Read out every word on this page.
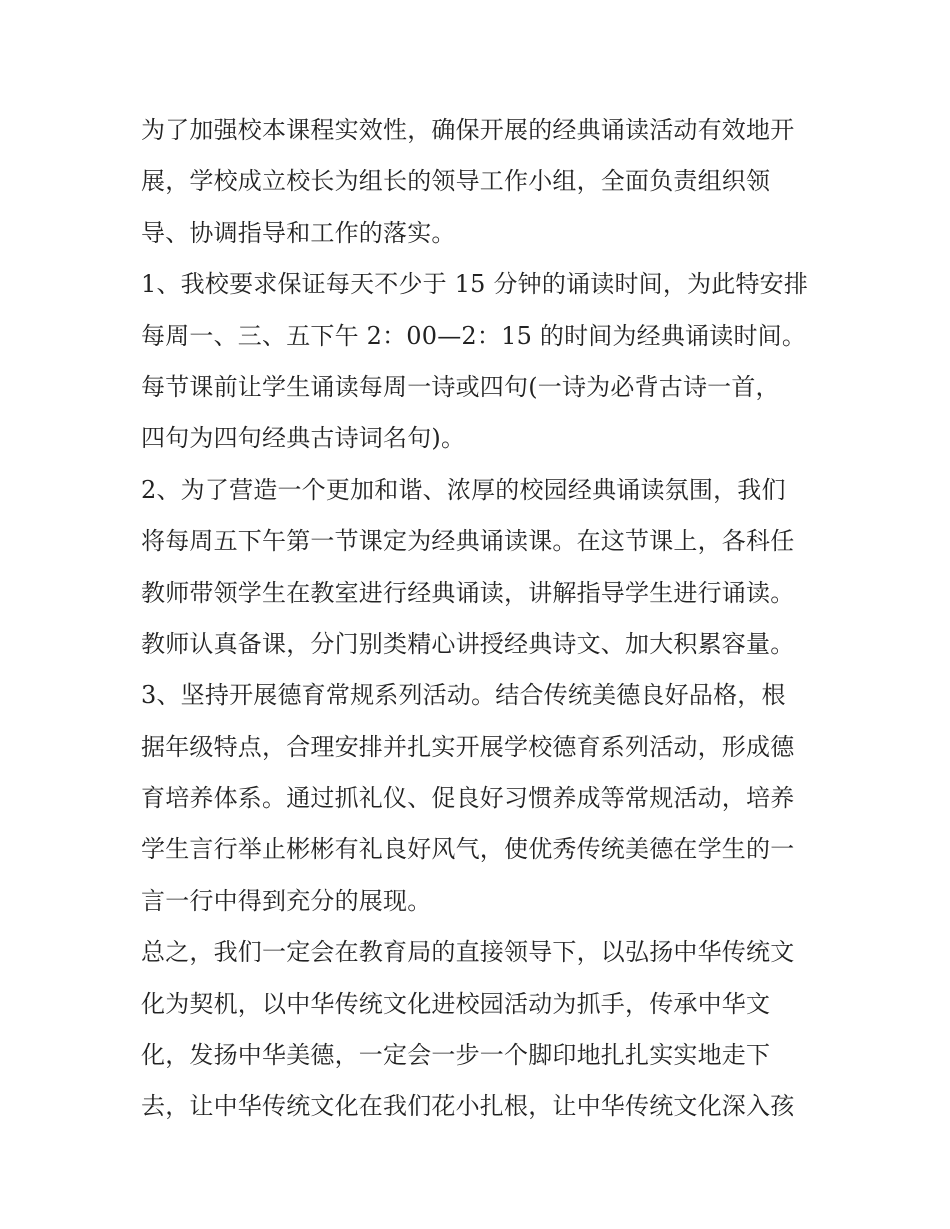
为了加强校本课程实效性，确保开展的经典诵读活动有效地开
展，学校成立校长为组长的领导工作小组，全面负责组织领
导、协调指导和工作的落实。
1、我校要求保证每天不少于 15 分钟的诵读时间，为此特安排
每周一、三、五下午 2：00—2：15 的时间为经典诵读时间。
每节课前让学生诵读每周一诗或四句(一诗为必背古诗一首，
四句为四句经典古诗词名句)。
2、为了营造一个更加和谐、浓厚的校园经典诵读氛围，我们
将每周五下午第一节课定为经典诵读课。在这节课上，各科任
教师带领学生在教室进行经典诵读，讲解指导学生进行诵读。
教师认真备课，分门别类精心讲授经典诗文、加大积累容量。
3、坚持开展德育常规系列活动。结合传统美德良好品格，根
据年级特点，合理安排并扎实开展学校德育系列活动，形成德
育培养体系。通过抓礼仪、促良好习惯养成等常规活动，培养
学生言行举止彬彬有礼良好风气，使优秀传统美德在学生的一
言一行中得到充分的展现。
总之，我们一定会在教育局的直接领导下，以弘扬中华传统文
化为契机，以中华传统文化进校园活动为抓手，传承中华文
化，发扬中华美德，一定会一步一个脚印地扎扎实实地走下
去，让中华传统文化在我们花小扎根，让中华传统文化深入孩
